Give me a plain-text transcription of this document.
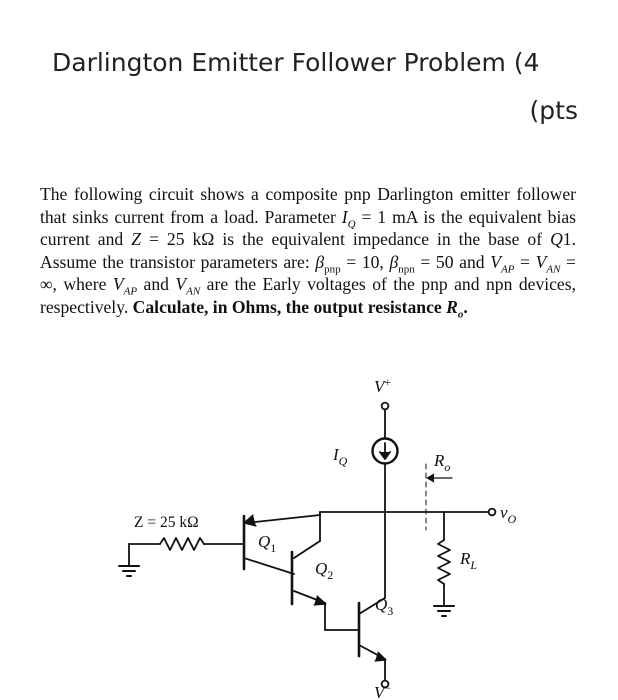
Darlington Emitter Follower Problem (4
(pts
The following circuit shows a composite pnp Darlington emitter follower that sinks current from a load. Parameter $I_Q = 1$ mA is the equivalent bias current and Z = 25 kΩ is the equivalent impedance in the base of Q1. Assume the transistor parameters are: $\beta_{pnp} = 10$, $\beta_{npn} = 50$ and $V_{AP} = V_{AN}$ = ∞, where $V_{AP}$ and $V_{AN}$ are the Early voltages of the pnp and npn devices, respectively. Calculate, in Ohms, the output resistance $R_o$.
V+
$I_Q$	$R_o$
Z = 25 kΩ
$Q_1$
$Q_2$
$Q_3$
$v_O$
$R_L$
V−
